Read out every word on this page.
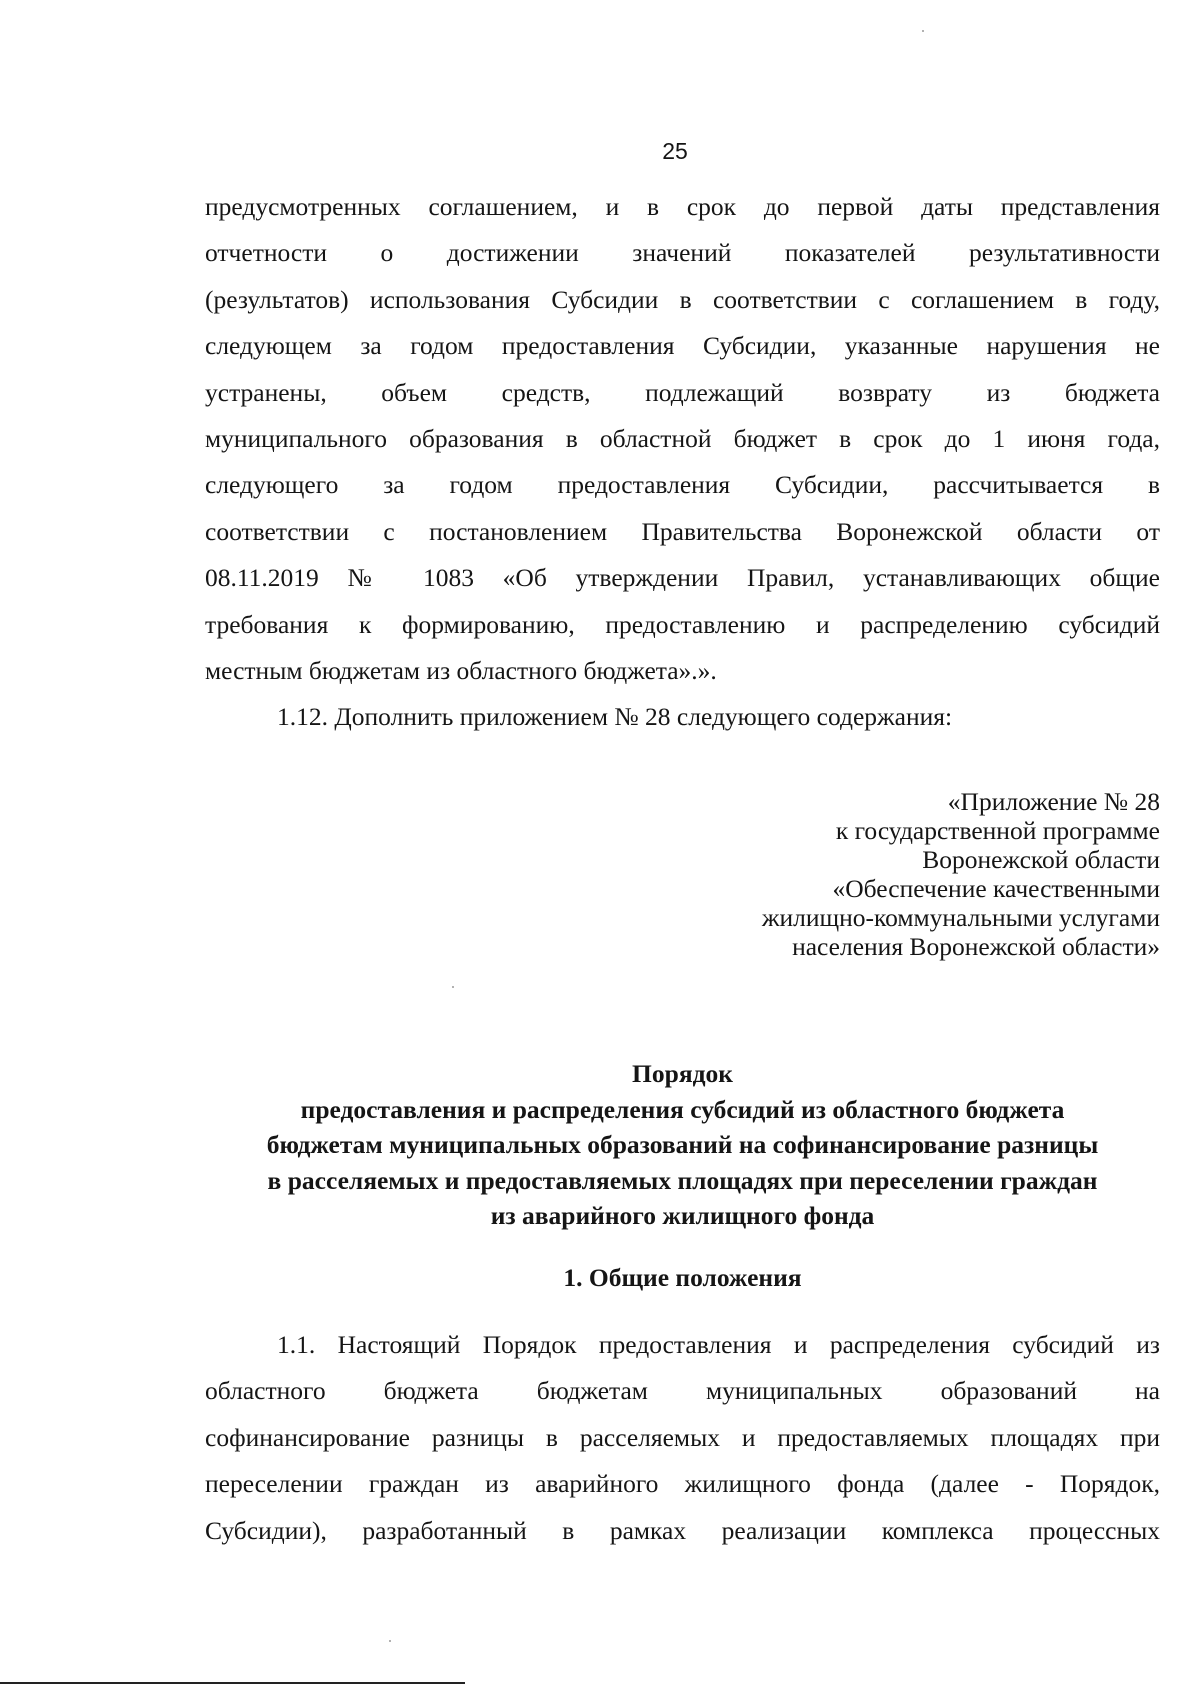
25
предусмотренных соглашением, и в срок до первой даты представления
отчетности о достижении значений показателей результативности
(результатов) использования Субсидии в соответствии с соглашением в году,
следующем за годом предоставления Субсидии, указанные нарушения не
устранены, объем средств, подлежащий возврату из бюджета
муниципального образования в областной бюджет в срок до 1 июня года,
следующего за годом предоставления Субсидии, рассчитывается в
соответствии с постановлением Правительства Воронежской области от
08.11.2019 № 1083 «Об утверждении Правил, устанавливающих общие
требования к формированию, предоставлению и распределению субсидий
местным бюджетам из областного бюджета».».
1.12. Дополнить приложением № 28 следующего содержания:
«Приложение № 28
к государственной программе
Воронежской области
«Обеспечение качественными
жилищно-коммунальными услугами
населения Воронежской области»
Порядок
предоставления и распределения субсидий из областного бюджета
бюджетам муниципальных образований на софинансирование разницы
в расселяемых и предоставляемых площадях при переселении граждан
из аварийного жилищного фонда
1. Общие положения
1.1. Настоящий Порядок предоставления и распределения субсидий из
областного бюджета бюджетам муниципальных образований на
софинансирование разницы в расселяемых и предоставляемых площадях при
переселении граждан из аварийного жилищного фонда (далее - Порядок,
Субсидии), разработанный в рамках реализации комплекса процессных
